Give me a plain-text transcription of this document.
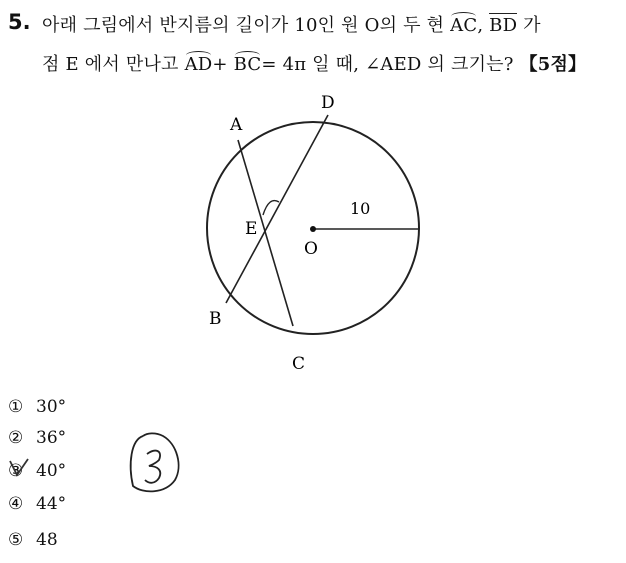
5. 아래 그림에서 반지름의 길이가 10인 원 O의 두 현 AC, BD 가
점 E 에서 만나고 AD+ BC= 4π 일 때, ∠AED 의 크기는? 【5점】
A
D
B
C
E
O
10
① 30°
② 36°
③ 40°
④ 44°
⑤ 48
